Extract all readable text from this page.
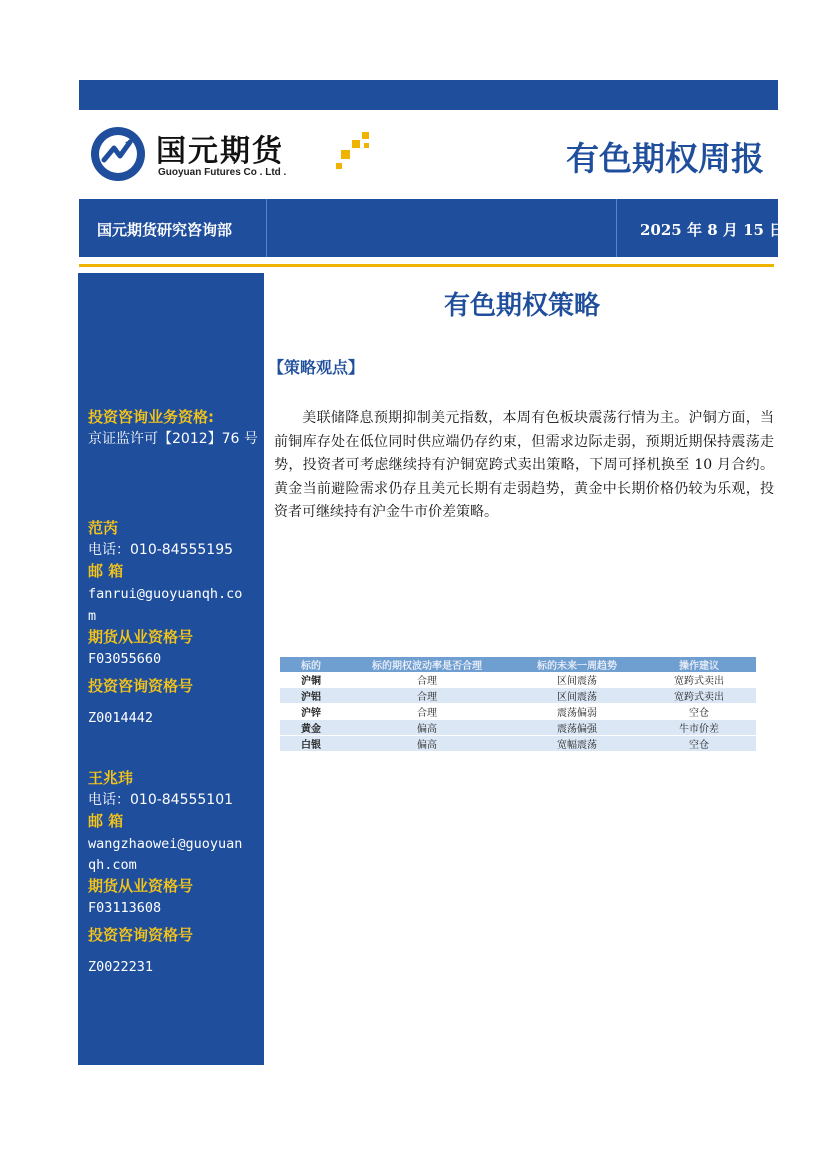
国元期货
Guoyuan Futures Co . Ltd .	有色期权周报
国元期货研究咨询部	2025 年 8 月 15 日
投资咨询业务资格:
京证监许可【2012】76 号
范芮
电话：010-84555195
邮 箱
fanrui@guoyuanqh.co
m
期货从业资格号
F03055660
投资咨询资格号
Z0014442
王兆玮
电话：010-84555101
邮 箱
wangzhaowei@guoyuan
qh.com
期货从业资格号
F03113608
投资咨询资格号
Z0022231
有色期权策略
【策略观点】
美联储降息预期抑制美元指数，本周有色板块震荡行情为主。沪铜方面，当前铜库存处在低位同时供应端仍存约束，但需求边际走弱，预期近期保持震荡走势，投资者可考虑继续持有沪铜宽跨式卖出策略，下周可择机换至 10 月合约。黄金当前避险需求仍存且美元长期有走弱趋势，黄金中长期价格仍较为乐观，投资者可继续持有沪金牛市价差策略。
标的	标的期权波动率是否合理	标的未来一周趋势	操作建议
沪铜	合理	区间震荡	宽跨式卖出
沪铝	合理	区间震荡	宽跨式卖出
沪锌	合理	震荡偏弱	空仓
黄金	偏高	震荡偏强	牛市价差
白银	偏高	宽幅震荡	空仓
